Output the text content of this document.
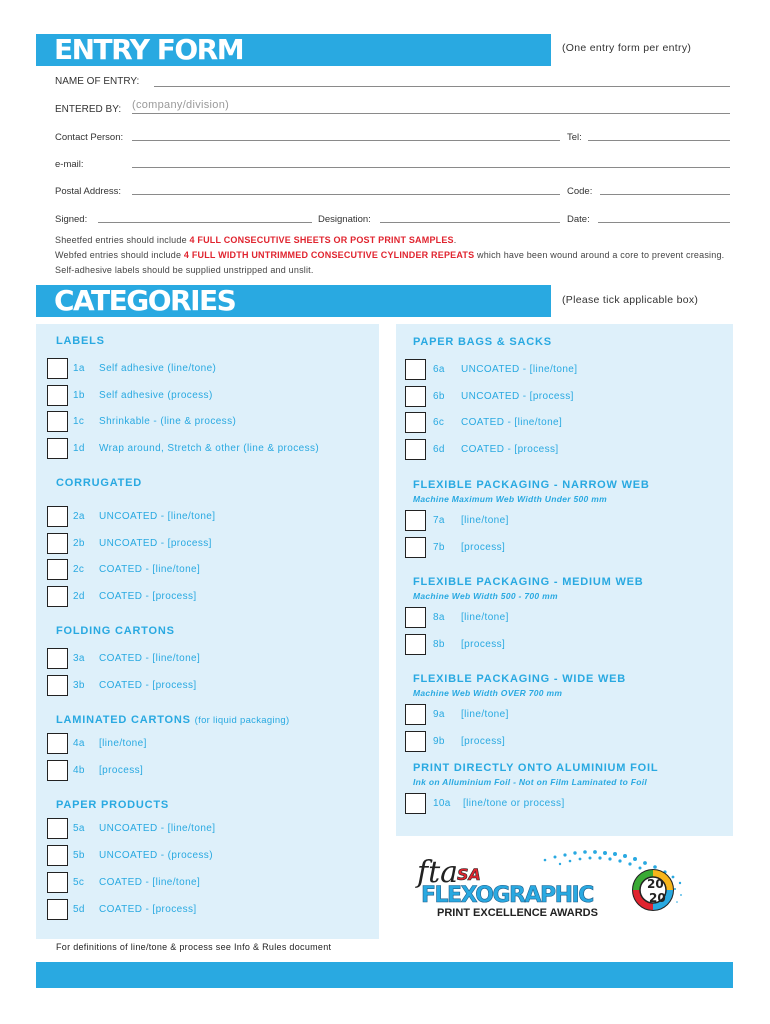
ENTRY FORM	(One entry form per entry)
NAME OF ENTRY:
ENTERED BY: (company/division)
Contact Person:	Tel:
e-mail:
Postal Address:	Code:
Signed:	Designation:	Date:
Sheetfed entries should include 4 FULL CONSECUTIVE SHEETS OR POST PRINT SAMPLES.
Webfed entries should include 4 FULL WIDTH UNTRIMMED CONSECUTIVE CYLINDER REPEATS which have been wound around a core to prevent creasing. Self-adhesive labels should be supplied unstripped and unslit.
CATEGORIES	(Please tick applicable box)
LABELS
1a Self adhesive (line/tone)
1b Self adhesive (process)
1c Shrinkable - (line & process)
1d Wrap around, Stretch & other (line & process)
CORRUGATED
2a UNCOATED - [line/tone]
2b UNCOATED - [process]
2c COATED - [line/tone]
2d COATED - [process]
FOLDING CARTONS
3a COATED - [line/tone]
3b COATED - [process]
LAMINATED CARTONS (for liquid packaging)
4a [line/tone]
4b [process]
PAPER PRODUCTS
5a UNCOATED - [line/tone]
5b UNCOATED - (process)
5c COATED - [line/tone]
5d COATED - [process]
PAPER BAGS & SACKS
6a UNCOATED - [line/tone]
6b UNCOATED - [process]
6c COATED - [line/tone]
6d COATED - [process]
FLEXIBLE PACKAGING - NARROW WEB
Machine Maximum Web Width Under 500 mm
7a [line/tone]
7b [process]
FLEXIBLE PACKAGING - MEDIUM WEB
Machine Web Width 500 - 700 mm
8a [line/tone]
8b [process]
FLEXIBLE PACKAGING - WIDE WEB
Machine Web Width OVER 700 mm
9a [line/tone]
9b [process]
PRINT DIRECTLY ONTO ALUMINIUM FOIL
Ink on Alluminium Foil - Not on Film Laminated to Foil
10a [line/tone or process]
20
20
fta
SA
FLEXOGRAPHIC
PRINT EXCELLENCE AWARDS
For definitions of line/tone & process see Info & Rules document
